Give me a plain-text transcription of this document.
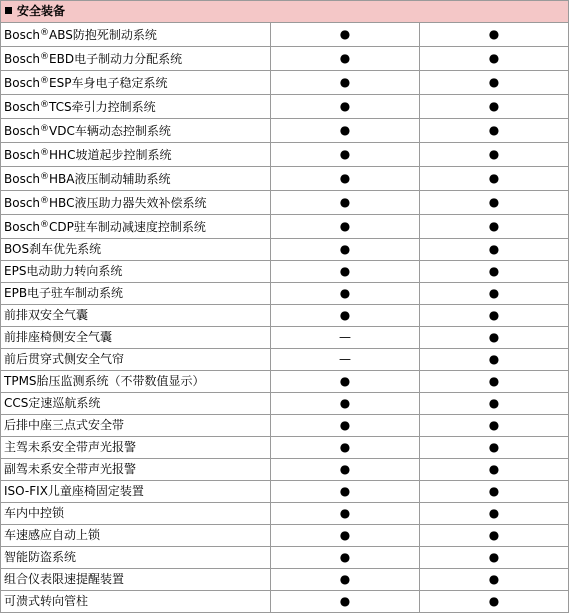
安全装备		
Bosch®ABS防抱死制动系统	●	●
Bosch®EBD电子制动力分配系统	●	●
Bosch®ESP车身电子稳定系统	●	●
Bosch®TCS牵引力控制系统	●	●
Bosch®VDC车辆动态控制系统	●	●
Bosch®HHC坡道起步控制系统	●	●
Bosch®HBA液压制动辅助系统	●	●
Bosch®HBC液压助力器失效补偿系统	●	●
Bosch®CDP驻车制动减速度控制系统	●	●
BOS刹车优先系统	●	●
EPS电动助力转向系统	●	●
EPB电子驻车制动系统	●	●
前排双安全气囊	●	●
前排座椅侧安全气囊	—	●
前后贯穿式侧安全气帘	—	●
TPMS胎压监测系统（不带数值显示）	●	●
CCS定速巡航系统	●	●
后排中座三点式安全带	●	●
主驾未系安全带声光报警	●	●
副驾未系安全带声光报警	●	●
ISO-FIX儿童座椅固定装置	●	●
车内中控锁	●	●
车速感应自动上锁	●	●
智能防盗系统	●	●
组合仪表限速提醒装置	●	●
可溃式转向管柱	●	●
